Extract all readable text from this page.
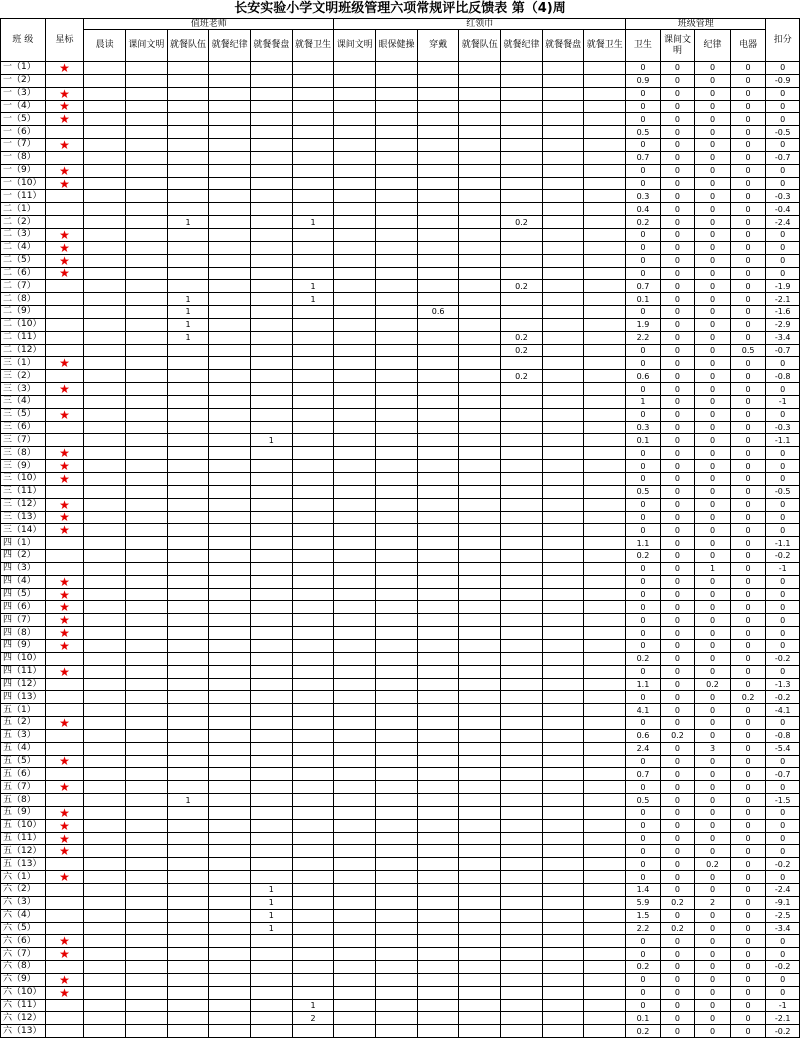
长安实验小学文明班级管理六项常规评比反馈表 第（4)周
班 级	星标	值班老师						红领巾							班级管理				扣分
		晨读	课间文明	就餐队伍	就餐纪律	就餐餐盘	就餐卫生	课间文明	眼保健操	穿戴	就餐队伍	就餐纪律	就餐餐盘	就餐卫生	卫生	课间文明	纪律	电器	
一（1）	★														0	0	0	0	0
一（2）															0.9	0	0	0	-0.9
一（3）	★														0	0	0	0	0
一（4）	★														0	0	0	0	0
一（5）	★														0	0	0	0	0
一（6）															0.5	0	0	0	-0.5
一（7）	★														0	0	0	0	0
一（8）															0.7	0	0	0	-0.7
一（9）	★														0	0	0	0	0
一（10）	★														0	0	0	0	0
一（11）															0.3	0	0	0	-0.3
二（1）															0.4	0	0	0	-0.4
二（2）				1			1					0.2			0.2	0	0	0	-2.4
二（3）	★														0	0	0	0	0
二（4）	★														0	0	0	0	0
二（5）	★														0	0	0	0	0
二（6）	★														0	0	0	0	0
二（7）							1					0.2			0.7	0	0	0	-1.9
二（8）				1			1								0.1	0	0	0	-2.1
二（9）				1						0.6					0	0	0	0	-1.6
二（10）				1											1.9	0	0	0	-2.9
二（11）				1								0.2			2.2	0	0	0	-3.4
二（12）												0.2			0	0	0	0.5	-0.7
三（1）	★														0	0	0	0	0
三（2）												0.2			0.6	0	0	0	-0.8
三（3）	★														0	0	0	0	0
三（4）															1	0	0	0	-1
三（5）	★														0	0	0	0	0
三（6）															0.3	0	0	0	-0.3
三（7）						1									0.1	0	0	0	-1.1
三（8）	★														0	0	0	0	0
三（9）	★														0	0	0	0	0
三（10）	★														0	0	0	0	0
三（11）															0.5	0	0	0	-0.5
三（12）	★														0	0	0	0	0
三（13）	★														0	0	0	0	0
三（14）	★														0	0	0	0	0
四（1）															1.1	0	0	0	-1.1
四（2）															0.2	0	0	0	-0.2
四（3）															0	0	1	0	-1
四（4）	★														0	0	0	0	0
四（5）	★														0	0	0	0	0
四（6）	★														0	0	0	0	0
四（7）	★														0	0	0	0	0
四（8）	★														0	0	0	0	0
四（9）	★														0	0	0	0	0
四（10）															0.2	0	0	0	-0.2
四（11）	★														0	0	0	0	0
四（12）															1.1	0	0.2	0	-1.3
四（13）															0	0	0	0.2	-0.2
五（1）															4.1	0	0	0	-4.1
五（2）	★														0	0	0	0	0
五（3）															0.6	0.2	0	0	-0.8
五（4）															2.4	0	3	0	-5.4
五（5）	★														0	0	0	0	0
五（6）															0.7	0	0	0	-0.7
五（7）	★														0	0	0	0	0
五（8）				1											0.5	0	0	0	-1.5
五（9）	★														0	0	0	0	0
五（10）	★														0	0	0	0	0
五（11）	★														0	0	0	0	0
五（12）	★														0	0	0	0	0
五（13）															0	0	0.2	0	-0.2
六（1）	★														0	0	0	0	0
六（2）						1									1.4	0	0	0	-2.4
六（3）						1									5.9	0.2	2	0	-9.1
六（4）						1									1.5	0	0	0	-2.5
六（5）						1									2.2	0.2	0	0	-3.4
六（6）	★														0	0	0	0	0
六（7）	★														0	0	0	0	0
六（8）															0.2	0	0	0	-0.2
六（9）	★														0	0	0	0	0
六（10）	★														0	0	0	0	0
六（11）							1								0	0	0	0	-1
六（12）							2								0.1	0	0	0	-2.1
六（13）															0.2	0	0	0	-0.2
